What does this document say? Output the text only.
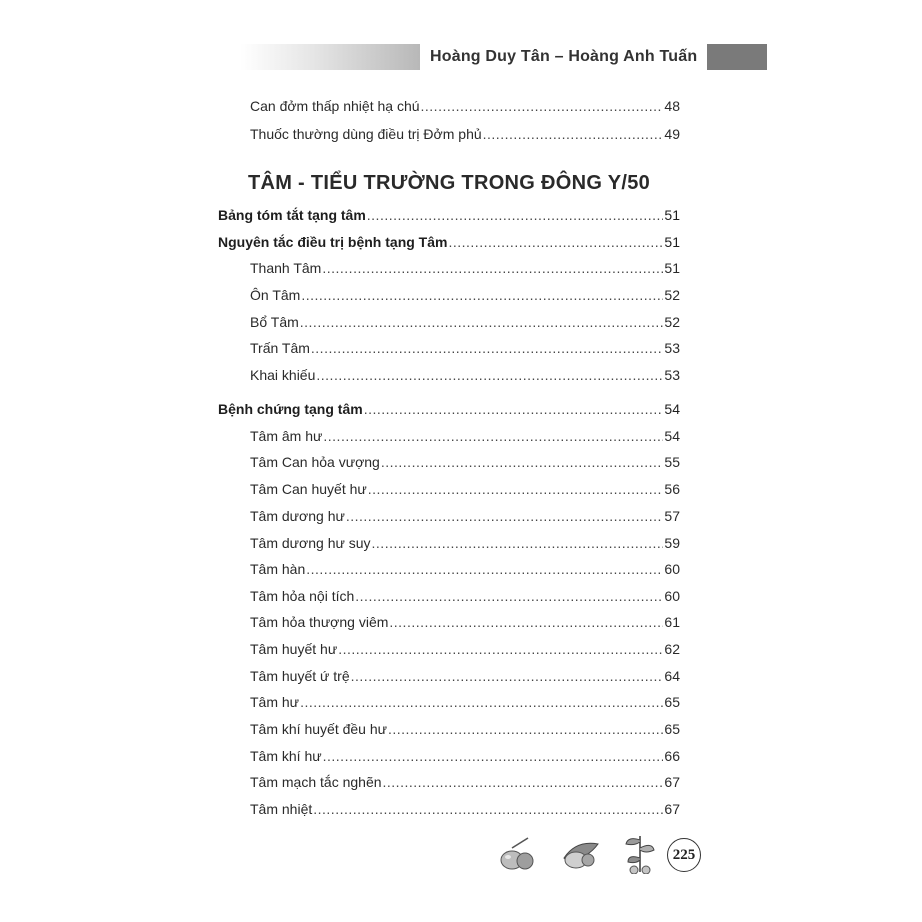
Hoàng Duy Tân – Hoàng Anh Tuấn
Can đởm thấp nhiệt hạ chú .....	48
Thuốc thường dùng điều trị Đởm phủ .....	49
Bảng tóm tắt tạng tâm .....	51
Nguyên tắc điều trị bệnh tạng Tâm .....	51
Thanh Tâm .....	51
Ôn Tâm .....	52
Bổ Tâm .....	52
Trấn Tâm .....	53
Khai khiếu .....	53
Bệnh chứng tạng tâm .....	54
Tâm âm hư .....	54
Tâm Can hỏa vượng .....	55
Tâm Can huyết hư .....	56
Tâm dương hư .....	57
Tâm dương hư suy .....	59
Tâm hàn .....	60
Tâm hỏa nội tích .....	60
Tâm hỏa thượng viêm .....	61
Tâm huyết hư .....	62
Tâm huyết ứ trệ .....	64
Tâm hư .....	65
Tâm khí huyết đều hư .....	65
Tâm khí hư .....	66
Tâm mạch tắc nghẽn .....	67
Tâm nhiệt .....	67
TÂM - TIỂU TRƯỜNG TRONG ĐÔNG Y/50
225
